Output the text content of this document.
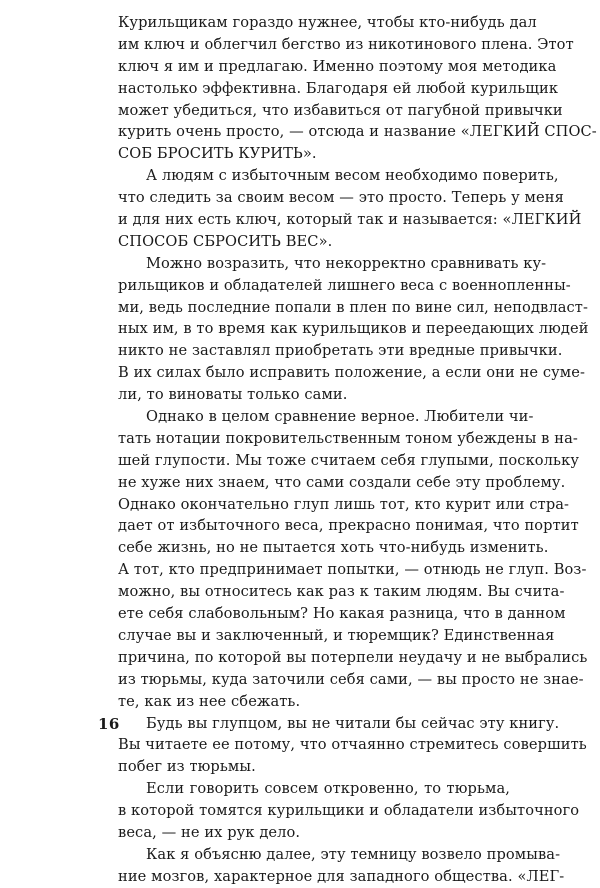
Курильщикам гораздо нужнее, чтобы кто-нибудь дал
им ключ и облегчил бегство из никотинового плена. Этот
ключ я им и предлагаю. Именно поэтому моя методика
настолько эффективна. Благодаря ей любой курильщик
может убедиться, что избавиться от пагубной привычки
курить очень просто, — отсюда и название «ЛЕГКИЙ СПОС-
СОБ БРОСИТЬ КУРИТЬ».
А людям с избыточным весом необходимо поверить,
что следить за своим весом — это просто. Теперь у меня
и для них есть ключ, который так и называется: «ЛЕГКИЙ
СПОСОБ СБРОСИТЬ ВЕС».
Можно возразить, что некорректно сравнивать ку-
рильщиков и обладателей лишнего веса с военнопленны-
ми, ведь последние попали в плен по вине сил, неподвласт-
ных им, в то время как курильщиков и переедающих людей
никто не заставлял приобретать эти вредные привычки.
В их силах было исправить положение, а если они не суме-
ли, то виноваты только сами.
Однако в целом сравнение верное. Любители чи-
тать нотации покровительственным тоном убеждены в на-
шей глупости. Мы тоже считаем себя глупыми, поскольку
не хуже них знаем, что сами создали себе эту проблему.
Однако окончательно глуп лишь тот, кто курит или стра-
дает от избыточного веса, прекрасно понимая, что портит
себе жизнь, но не пытается хоть что-нибудь изменить.
А тот, кто предпринимает попытки, — отнюдь не глуп. Воз-
можно, вы относитесь как раз к таким людям. Вы счита-
ете себя слабовольным? Но какая разница, что в данном
случае вы и заключенный, и тюремщик? Единственная
причина, по которой вы потерпели неудачу и не выбрались
из тюрьмы, куда заточили себя сами, — вы просто не знае-
те, как из нее сбежать.
Будь вы глупцом, вы не читали бы сейчас эту книгу.
Вы читаете ее потому, что отчаянно стремитесь совершить
побег из тюрьмы.
Если говорить совсем откровенно, то тюрьма,
в которой томятся курильщики и обладатели избыточного
веса, — не их рук дело.
Как я объясню далее, эту темницу возвело промыва-
ние мозгов, характерное для западного общества. «ЛЕГ-
16
